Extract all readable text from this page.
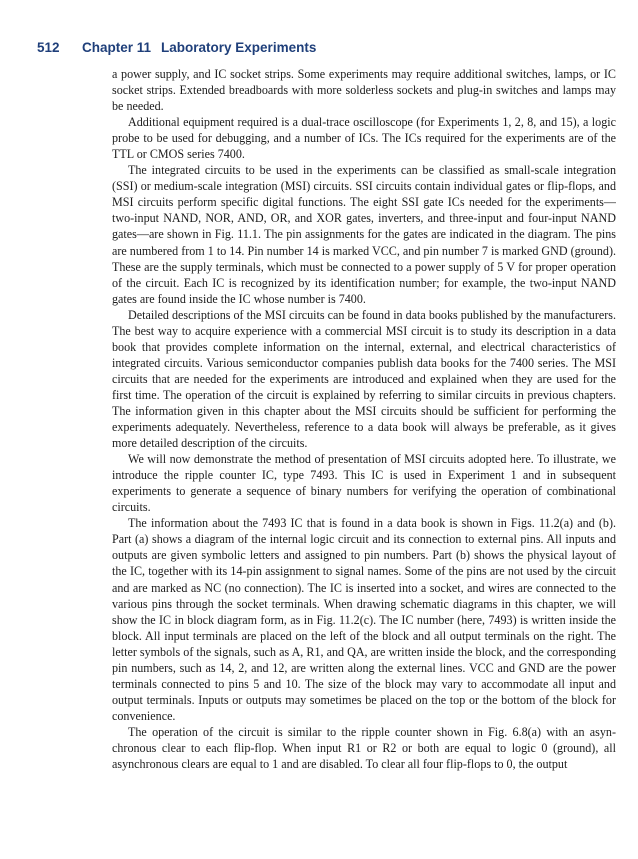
512 Chapter 11 Laboratory Experiments

a power supply, and IC socket strips. Some experiments may require additional switches, lamps, or IC socket strips. Extended breadboards with more solderless sockets and plug-in switches and lamps may be needed.

Additional equipment required is a dual-trace oscilloscope (for Experiments 1, 2, 8, and 15), a logic probe to be used for debugging, and a number of ICs. The ICs required for the experiments are of the TTL or CMOS series 7400.

The integrated circuits to be used in the experiments can be classified as small-scale integration (SSI) or medium-scale integration (MSI) circuits. SSI circuits contain individual gates or flip-flops, and MSI circuits perform specific digital functions. The eight SSI gate ICs needed for the experiments—two-input NAND, NOR, AND, OR, and XOR gates, inverters, and three-input and four-input NAND gates—are shown in Fig. 11.1. The pin assignments for the gates are indicated in the diagram. The pins are numbered from 1 to 14. Pin number 14 is marked VCC, and pin number 7 is marked GND (ground). These are the supply terminals, which must be connected to a power supply of 5 V for proper operation of the circuit. Each IC is recognized by its identification number; for example, the two-input NAND gates are found inside the IC whose number is 7400.

Detailed descriptions of the MSI circuits can be found in data books published by the manufacturers. The best way to acquire experience with a commercial MSI circuit is to study its description in a data book that provides complete information on the internal, external, and electrical characteristics of integrated circuits. Various semiconductor companies publish data books for the 7400 series. The MSI circuits that are needed for the experiments are introduced and explained when they are used for the first time. The operation of the circuit is explained by referring to similar circuits in previous chapters. The information given in this chapter about the MSI circuits should be sufficient for performing the experiments adequately. Nevertheless, reference to a data book will always be preferable, as it gives more detailed description of the circuits.

We will now demonstrate the method of presentation of MSI circuits adopted here. To illustrate, we introduce the ripple counter IC, type 7493. This IC is used in Experiment 1 and in subsequent experiments to generate a sequence of binary numbers for verifying the operation of combinational circuits.

The information about the 7493 IC that is found in a data book is shown in Figs. 11.2(a) and (b). Part (a) shows a diagram of the internal logic circuit and its connection to external pins. All inputs and outputs are given symbolic letters and assigned to pin numbers. Part (b) shows the physical layout of the IC, together with its 14-pin assignment to signal names. Some of the pins are not used by the circuit and are marked as NC (no connection). The IC is inserted into a socket, and wires are connected to the various pins through the socket terminals. When drawing schematic diagrams in this chapter, we will show the IC in block diagram form, as in Fig. 11.2(c). The IC number (here, 7493) is written inside the block. All input terminals are placed on the left of the block and all output terminals on the right. The letter symbols of the signals, such as A, R1, and QA, are written inside the block, and the corresponding pin numbers, such as 14, 2, and 12, are written along the external lines. VCC and GND are the power terminals connected to pins 5 and 10. The size of the block may vary to accommodate all input and output terminals. Inputs or outputs may sometimes be placed on the top or the bottom of the block for convenience.

The operation of the circuit is similar to the ripple counter shown in Fig. 6.8(a) with an asynchronous clear to each flip-flop. When input R1 or R2 or both are equal to logic 0 (ground), all asynchronous clears are equal to 1 and are disabled. To clear all four flip-flops to 0, the output
